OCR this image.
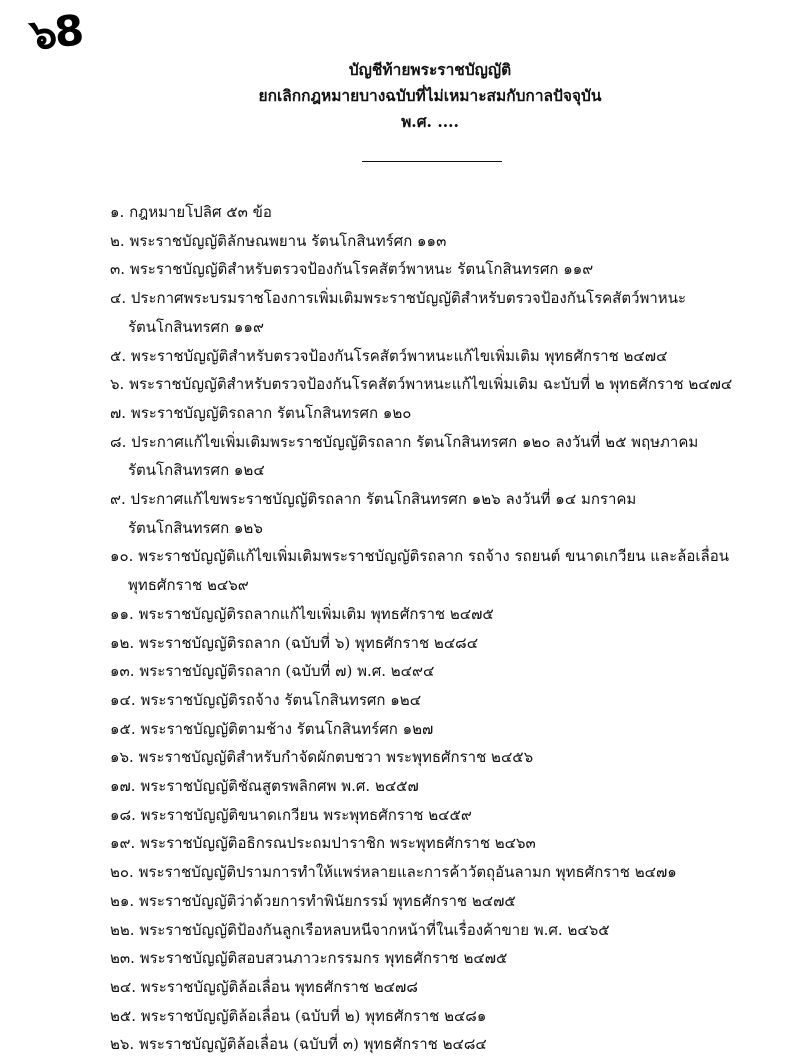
๖8
บัญชีท้ายพระราชบัญญัติ
ยกเลิกกฎหมายบางฉบับที่ไม่เหมาะสมกับกาลปัจจุบัน
พ.ศ. ....
๑. กฎหมายโปลิศ ๕๓ ข้อ
๒. พระราชบัญญัติลักษณพยาน รัตนโกสินทร์ศก ๑๑๓
๓. พระราชบัญญัติสำหรับตรวจป้องกันโรคสัตว์พาหนะ รัตนโกสินทรศก ๑๑๙
๔. ประกาศพระบรมราชโองการเพิ่มเติมพระราชบัญญัติสำหรับตรวจป้องกันโรคสัตว์พาหนะ
รัตนโกสินทรศก ๑๑๙
๕. พระราชบัญญัติสำหรับตรวจป้องกันโรคสัตว์พาหนะแก้ไขเพิ่มเติม พุทธศักราช ๒๔๗๔
๖. พระราชบัญญัติสำหรับตรวจป้องกันโรคสัตว์พาหนะแก้ไขเพิ่มเติม ฉะบับที่ ๒ พุทธศักราช ๒๔๗๔
๗. พระราชบัญญัติรถลาก รัตนโกสินทรศก ๑๒๐
๘. ประกาศแก้ไขเพิ่มเติมพระราชบัญญัติรถลาก รัตนโกสินทรศก ๑๒๐ ลงวันที่ ๒๕ พฤษภาคม
รัตนโกสินทรศก ๑๒๔
๙. ประกาศแก้ไขพระราชบัญญัติรถลาก รัตนโกสินทรศก ๑๒๖ ลงวันที่ ๑๔ มกราคม
รัตนโกสินทรศก ๑๒๖
๑๐. พระราชบัญญัติแก้ไขเพิ่มเติมพระราชบัญญัติรถลาก รถจ้าง รถยนต์ ขนาดเกวียน และล้อเลื่อน
พุทธศักราช ๒๔๖๙
๑๑. พระราชบัญญัติรถลากแก้ไขเพิ่มเติม พุทธศักราช ๒๔๗๕
๑๒. พระราชบัญญัติรถลาก (ฉบับที่ ๖) พุทธศักราช ๒๔๘๔
๑๓. พระราชบัญญัติรถลาก (ฉบับที่ ๗) พ.ศ. ๒๔๙๔
๑๔. พระราชบัญญัติรถจ้าง รัตนโกสินทรศก ๑๒๔
๑๕. พระราชบัญญัติตามช้าง รัตนโกสินทร์ศก ๑๒๗
๑๖. พระราชบัญญัติสำหรับกำจัดผักตบชวา พระพุทธศักราช ๒๔๕๖
๑๗. พระราชบัญญัติชัณสูตรพลิกศพ พ.ศ. ๒๔๕๗
๑๘. พระราชบัญญัติขนาดเกวียน พระพุทธศักราช ๒๔๕๙
๑๙. พระราชบัญญัติอธิกรณประถมปาราชิก พระพุทธศักราช ๒๔๖๓
๒๐. พระราชบัญญัติปรามการทำให้แพร่หลายและการค้าวัตถุอันลามก พุทธศักราช ๒๔๗๑
๒๑. พระราชบัญญัติว่าด้วยการทำพินัยกรรม์ พุทธศักราช ๒๔๗๕
๒๒. พระราชบัญญัติป้องกันลูกเรือหลบหนีจากหน้าที่ในเรื่องค้าขาย พ.ศ. ๒๔๖๕
๒๓. พระราชบัญญัติสอบสวนภาวะกรรมกร พุทธศักราช ๒๔๗๕
๒๔. พระราชบัญญัติล้อเลื่อน พุทธศักราช ๒๔๗๘
๒๕. พระราชบัญญัติล้อเลื่อน (ฉบับที่ ๒) พุทธศักราช ๒๔๘๑
๒๖. พระราชบัญญัติล้อเลื่อน (ฉบับที่ ๓) พุทธศักราช ๒๔๘๔
